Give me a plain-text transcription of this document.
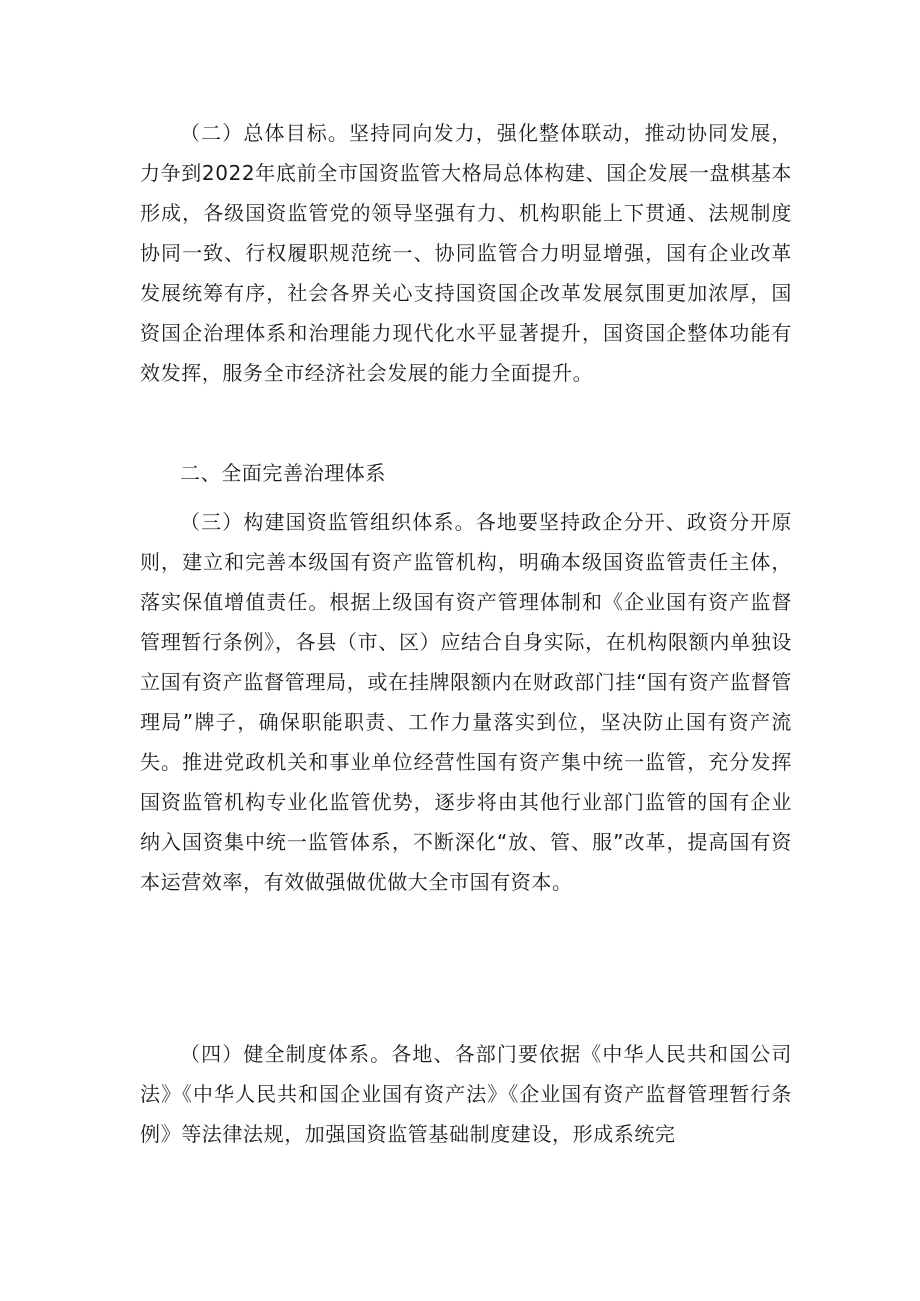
（二）总体目标。坚持同向发力，强化整体联动，推动协同发展，力争到2022年底前全市国资监管大格局总体构建、国企发展一盘棋基本形成，各级国资监管党的领导坚强有力、机构职能上下贯通、法规制度协同一致、行权履职规范统一、协同监管合力明显增强，国有企业改革发展统筹有序，社会各界关心支持国资国企改革发展氛围更加浓厚，国资国企治理体系和治理能力现代化水平显著提升，国资国企整体功能有效发挥，服务全市经济社会发展的能力全面提升。

二、全面完善治理体系

（三）构建国资监管组织体系。各地要坚持政企分开、政资分开原则，建立和完善本级国有资产监管机构，明确本级国资监管责任主体，落实保值增值责任。根据上级国有资产管理体制和《企业国有资产监督管理暂行条例》，各县（市、区）应结合自身实际，在机构限额内单独设立国有资产监督管理局，或在挂牌限额内在财政部门挂“国有资产监督管理局”牌子，确保职能职责、工作力量落实到位，坚决防止国有资产流失。推进党政机关和事业单位经营性国有资产集中统一监管，充分发挥国资监管机构专业化监管优势，逐步将由其他行业部门监管的国有企业纳入国资集中统一监管体系，不断深化“放、管、服”改革，提高国有资本运营效率，有效做强做优做大全市国有资本。

（四）健全制度体系。各地、各部门要依据《中华人民共和国公司法》《中华人民共和国企业国有资产法》《企业国有资产监督管理暂行条例》等法律法规，加强国资监管基础制度建设，形成系统完
